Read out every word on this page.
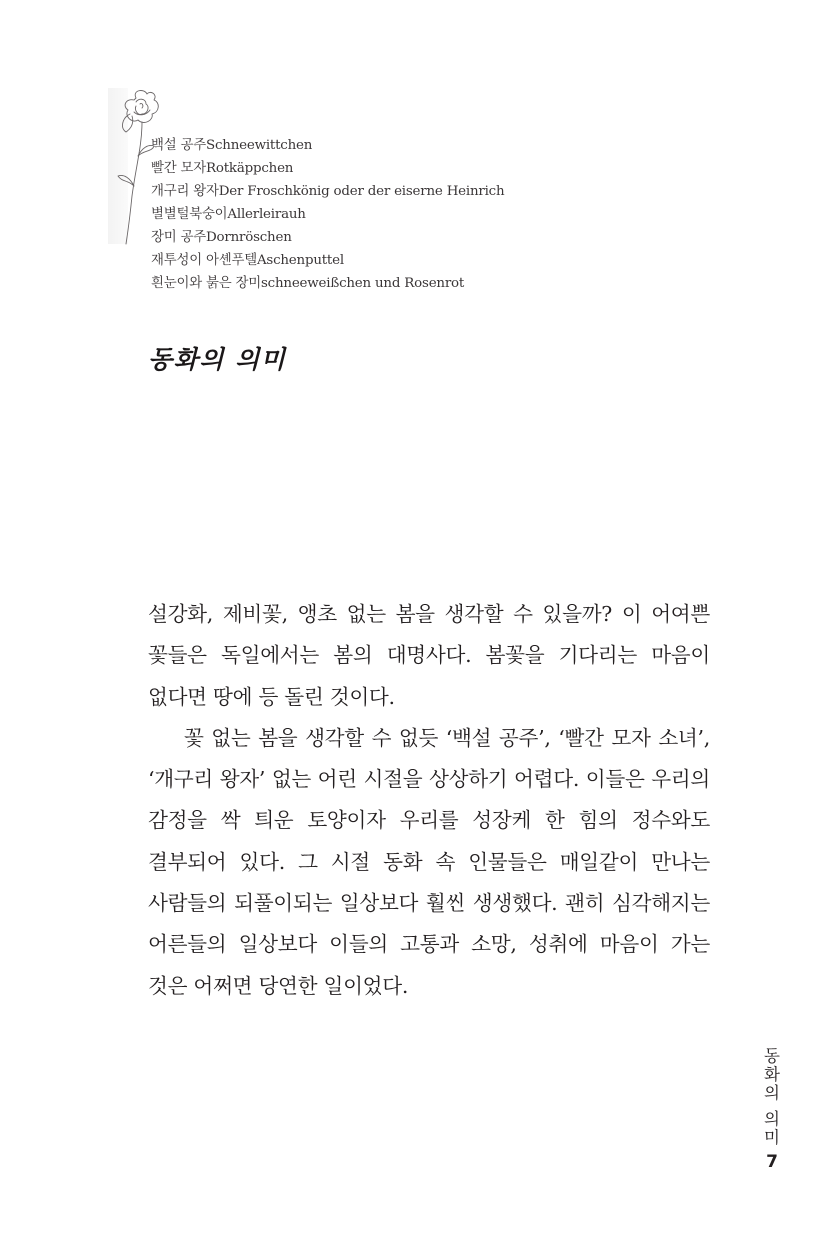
백설 공주Schneewittchen
빨간 모자Rotkäppchen
개구리 왕자Der Froschkönig oder der eiserne Heinrich
별별털북숭이Allerleirauh
장미 공주Dornröschen
재투성이 아셴푸텔Aschenputtel
흰눈이와 붉은 장미schneeweißchen und Rosenrot
동화의 의미

설강화, 제비꽃, 앵초 없는 봄을 생각할 수 있을까? 이 어여쁜 꽃들은 독일에서는 봄의 대명사다. 봄꽃을 기다리는 마음이 없다면 땅에 등 돌린 것이다.

꽃 없는 봄을 생각할 수 없듯 ‘백설 공주’, ‘빨간 모자 소녀’, ‘개구리 왕자’ 없는 어린 시절을 상상하기 어렵다. 이들은 우리의 감정을 싹 틔운 토양이자 우리를 성장케 한 힘의 정수와도 결부되어 있다. 그 시절 동화 속 인물들은 매일같이 만나는 사람들의 되풀이되는 일상보다 훨씬 생생했다. 괜히 심각해지는 어른들의 일상보다 이들의 고통과 소망, 성취에 마음이 가는 것은 어쩌면 당연한 일이었다.

동화의 의미
7
